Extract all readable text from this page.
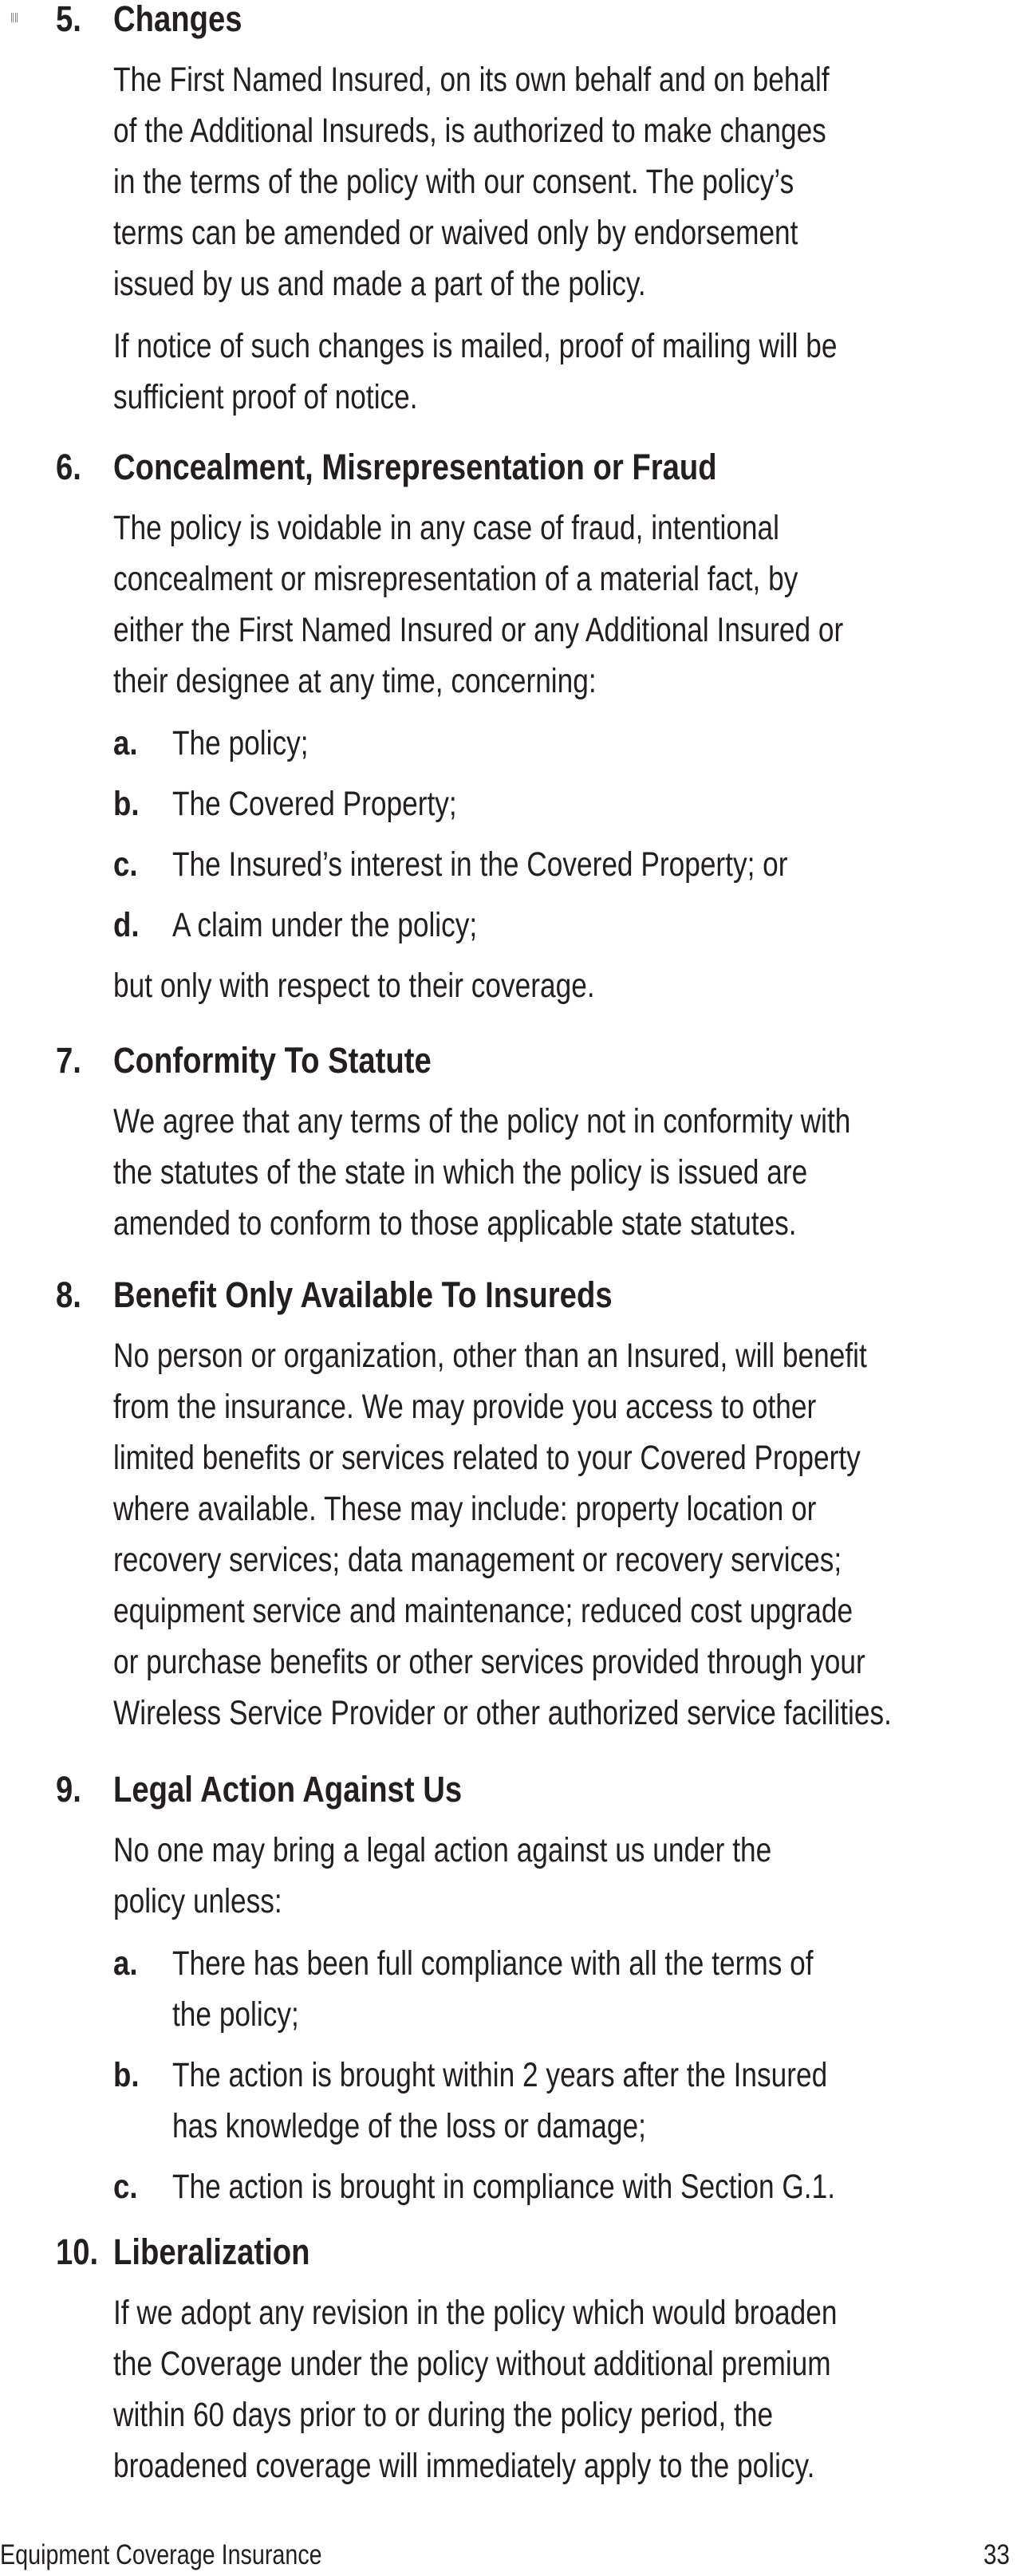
5. Changes
The First Named Insured, on its own behalf and on behalf
of the Additional Insureds, is authorized to make changes
in the terms of the policy with our consent. The policy’s
terms can be amended or waived only by endorsement
issued by us and made a part of the policy.
If notice of such changes is mailed, proof of mailing will be
sufficient proof of notice.
6. Concealment, Misrepresentation or Fraud
The policy is voidable in any case of fraud, intentional
concealment or misrepresentation of a material fact, by
either the First Named Insured or any Additional Insured or
their designee at any time, concerning:
a. The policy;
b. The Covered Property;
c. The Insured’s interest in the Covered Property; or
d. A claim under the policy;
but only with respect to their coverage.
7. Conformity To Statute
We agree that any terms of the policy not in conformity with
the statutes of the state in which the policy is issued are
amended to conform to those applicable state statutes.
8. Benefit Only Available To Insureds
No person or organization, other than an Insured, will benefit
from the insurance. We may provide you access to other
limited benefits or services related to your Covered Property
where available. These may include: property location or
recovery services; data management or recovery services;
equipment service and maintenance; reduced cost upgrade
or purchase benefits or other services provided through your
Wireless Service Provider or other authorized service facilities.
9. Legal Action Against Us
No one may bring a legal action against us under the
policy unless:
a. There has been full compliance with all the terms of
the policy;
b. The action is brought within 2 years after the Insured
has knowledge of the loss or damage;
c. The action is brought in compliance with Section G.1.
10. Liberalization
If we adopt any revision in the policy which would broaden
the Coverage under the policy without additional premium
within 60 days prior to or during the policy period, the
broadened coverage will immediately apply to the policy.
Equipment Coverage Insurance	33
